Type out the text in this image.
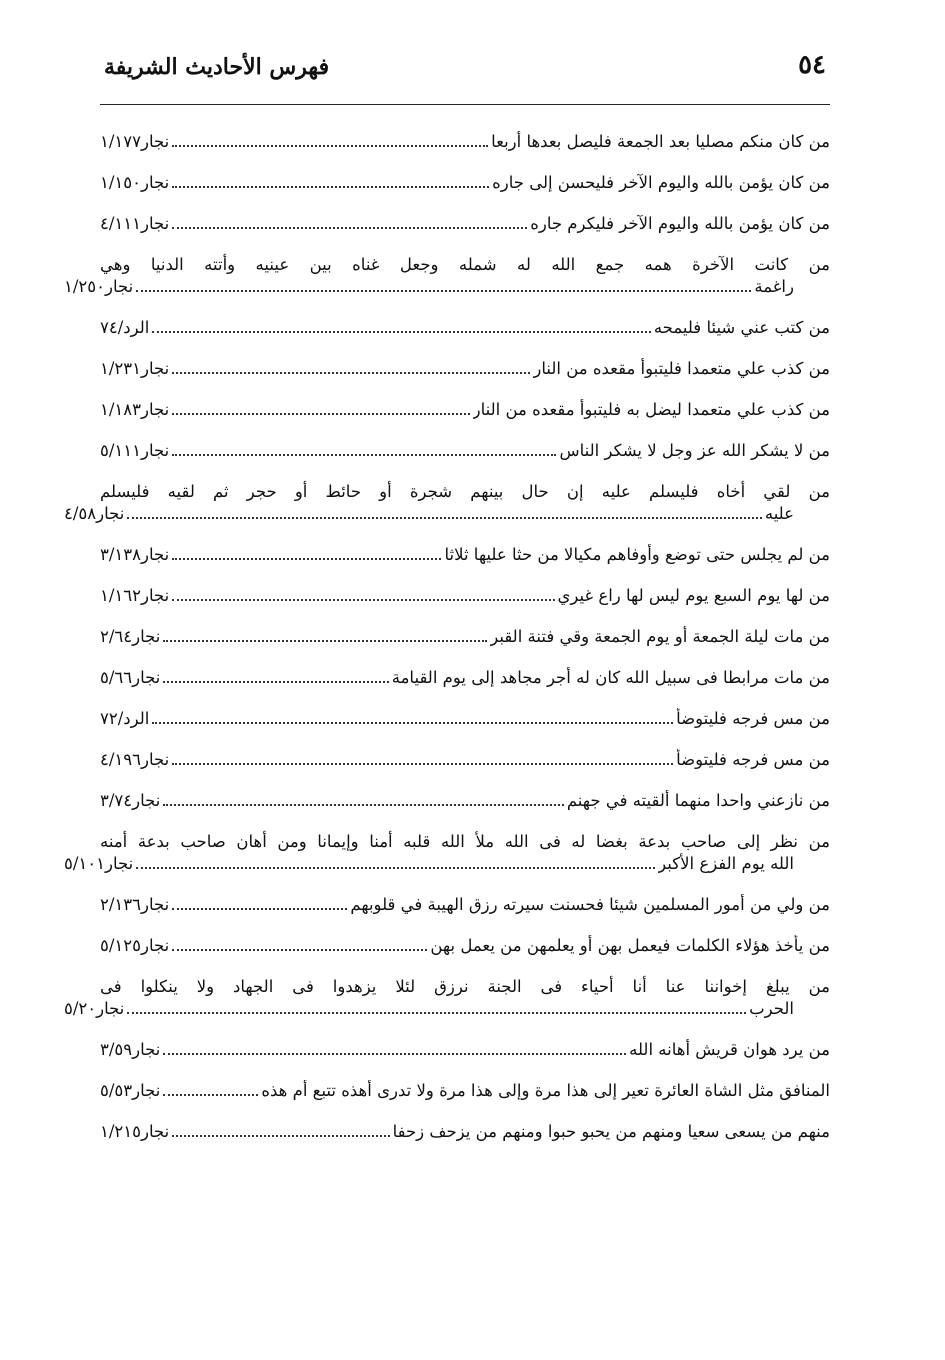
٥٤
فهرس الأحاديث الشريفة
من كان منكم مصليا بعد الجمعة فليصل بعدها أربعا
نجار١/١٧٧
من كان يؤمن بالله واليوم الآخر فليحسن إلى جاره
نجار١/١٥٠
من كان يؤمن بالله واليوم الآخر فليكرم جاره
نجار٤/١١١
من كانت الآخرة همه جمع الله له شمله وجعل غناه بين عينيه وأتته الدنيا وهي
راغمة
نجار١/٢٥٠
من كتب عني شيئا فليمحه
الرد/٧٤
من كذب علي متعمدا فليتبوأ مقعده من النار
نجار١/٢٣١
من كذب علي متعمدا ليضل به فليتبوأ مقعده من النار
نجار١/١٨٣
من لا يشكر الله عز وجل لا يشكر الناس
نجار٥/١١١
من لقي أخاه فليسلم عليه إن حال بينهم شجرة أو حائط أو حجر ثم لقيه فليسلم
عليه
نجار٤/٥٨
من لم يجلس حتى توضع وأوفاهم مكيالا من حثا عليها ثلاثا
نجار٣/١٣٨
من لها يوم السبع يوم ليس لها راع غيري
نجار١/١٦٢
من مات ليلة الجمعة أو يوم الجمعة وقي فتنة القبر
نجار٢/٦٤
من مات مرابطا فى سبيل الله كان له أجر مجاهد إلى يوم القيامة
نجار٥/٦٦
من مس فرجه فليتوضأ
الرد/٧٢
من مس فرجه فليتوضأ
نجار٤/١٩٦
من نازعني واحدا منهما ألقيته في جهنم
نجار٣/٧٤
من نظر إلى صاحب بدعة بغضا له فى الله ملأ الله قلبه أمنا وإيمانا ومن أهان صاحب بدعة أمنه
الله يوم الفزع الأكبر
نجار٥/١٠١
من ولي من أمور المسلمين شيئا فحسنت سيرته رزق الهيبة في قلوبهم
نجار٢/١٣٦
من يأخذ هؤلاء الكلمات فيعمل بهن أو يعلمهن من يعمل بهن
نجار٥/١٢٥
من يبلغ إخواننا عنا أنا أحياء فى الجنة نرزق لئلا يزهدوا فى الجهاد ولا ينكلوا فى
الحرب
نجار٥/٢٠
من يرد هوان قريش أهانه الله
نجار٣/٥٩
المنافق مثل الشاة العائرة تعير إلى هذا مرة وإلى هذا مرة ولا تدرى أهذه تتبع أم هذه
نجار٥/٥٣
منهم من يسعى سعيا ومنهم من يحبو حبوا ومنهم من يزحف زحفا
نجار١/٢١٥
